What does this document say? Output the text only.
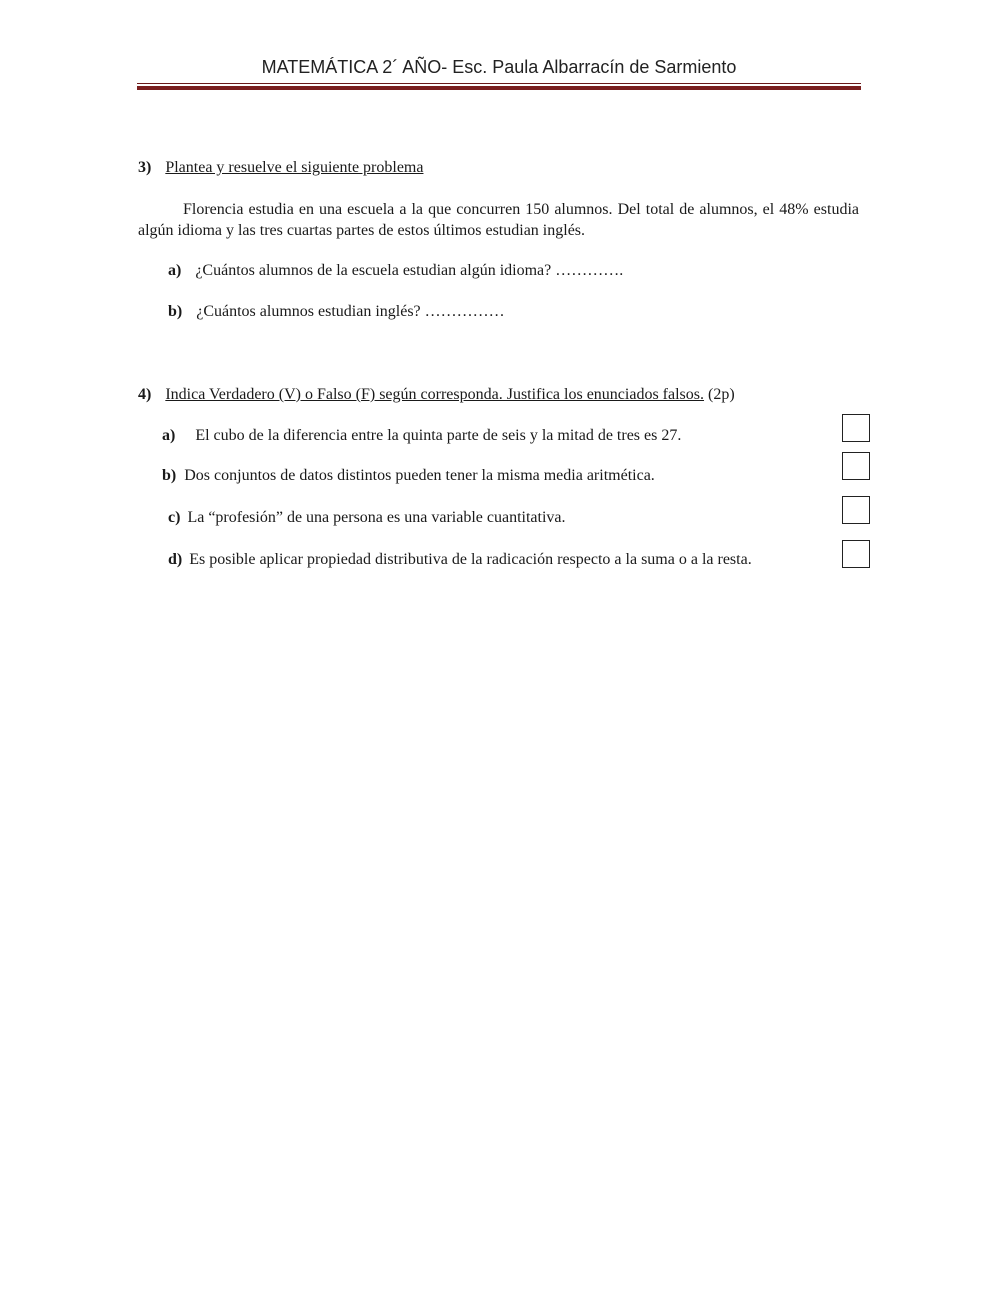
MATEMÁTICA 2´ AÑO- Esc. Paula Albarracín de Sarmiento
3) Plantea y resuelve el siguiente problema
Florencia estudia en una escuela a la que concurren 150 alumnos. Del total de alumnos, el 48% estudia algún idioma y las tres cuartas partes de estos últimos estudian inglés.
a) ¿Cuántos alumnos de la escuela estudian algún idioma? ………….
b) ¿Cuántos alumnos estudian inglés? ……………
4) Indica Verdadero (V) o Falso (F) según corresponda. Justifica los enunciados falsos. (2p)
a) El cubo de la diferencia entre la quinta parte de seis y la mitad de tres es 27.
b) Dos conjuntos de datos distintos pueden tener la misma media aritmética.
c) La “profesión” de una persona es una variable cuantitativa.
d) Es posible aplicar propiedad distributiva de la radicación respecto a la suma o a la resta.
